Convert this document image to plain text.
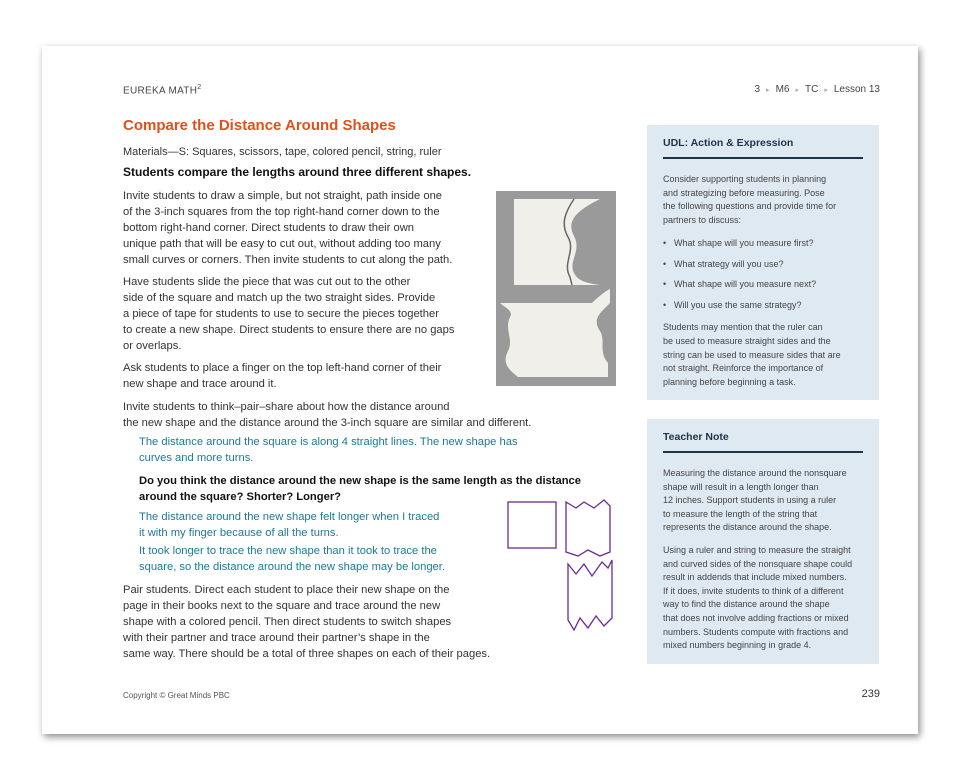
EUREKA MATH$^2$	3 ▸ M6 ▸ TC ▸ Lesson 13
Compare the Distance Around Shapes
Materials—S: Squares, scissors, tape, colored pencil, string, ruler
Students compare the lengths around three different shapes.
Invite students to draw a simple, but not straight, path inside one
of the 3-inch squares from the top right-hand corner down to the
bottom right-hand corner. Direct students to draw their own
unique path that will be easy to cut out, without adding too many
small curves or corners. Then invite students to cut along the path.
Have students slide the piece that was cut out to the other
side of the square and match up the two straight sides. Provide
a piece of tape for students to use to secure the pieces together
to create a new shape. Direct students to ensure there are no gaps
or overlaps.
Ask students to place a finger on the top left-hand corner of their
new shape and trace around it.
Invite students to think–pair–share about how the distance around
the new shape and the distance around the 3-inch square are similar and different.
The distance around the square is along 4 straight lines. The new shape has
curves and more turns.
Do you think the distance around the new shape is the same length as the distance
around the square? Shorter? Longer?
The distance around the new shape felt longer when I traced
it with my finger because of all the turns.
It took longer to trace the new shape than it took to trace the
square, so the distance around the new shape may be longer.
Pair students. Direct each student to place their new shape on the
page in their books next to the square and trace around the new
shape with a colored pencil. Then direct students to switch shapes
with their partner and trace around their partner’s shape in the
same way. There should be a total of three shapes on each of their pages.
UDL: Action & Expression
Consider supporting students in planning
and strategizing before measuring. Pose
the following questions and provide time for
partners to discuss:
• What shape will you measure first?
• What strategy will you use?
• What shape will you measure next?
• Will you use the same strategy?
Students may mention that the ruler can
be used to measure straight sides and the
string can be used to measure sides that are
not straight. Reinforce the importance of
planning before beginning a task.
Teacher Note
Measuring the distance around the nonsquare
shape will result in a length longer than
12 inches. Support students in using a ruler
to measure the length of the string that
represents the distance around the shape.
Using a ruler and string to measure the straight
and curved sides of the nonsquare shape could
result in addends that include mixed numbers.
If it does, invite students to think of a different
way to find the distance around the shape
that does not involve adding fractions or mixed
numbers. Students compute with fractions and
mixed numbers beginning in grade 4.
Copyright © Great Minds PBC	239
